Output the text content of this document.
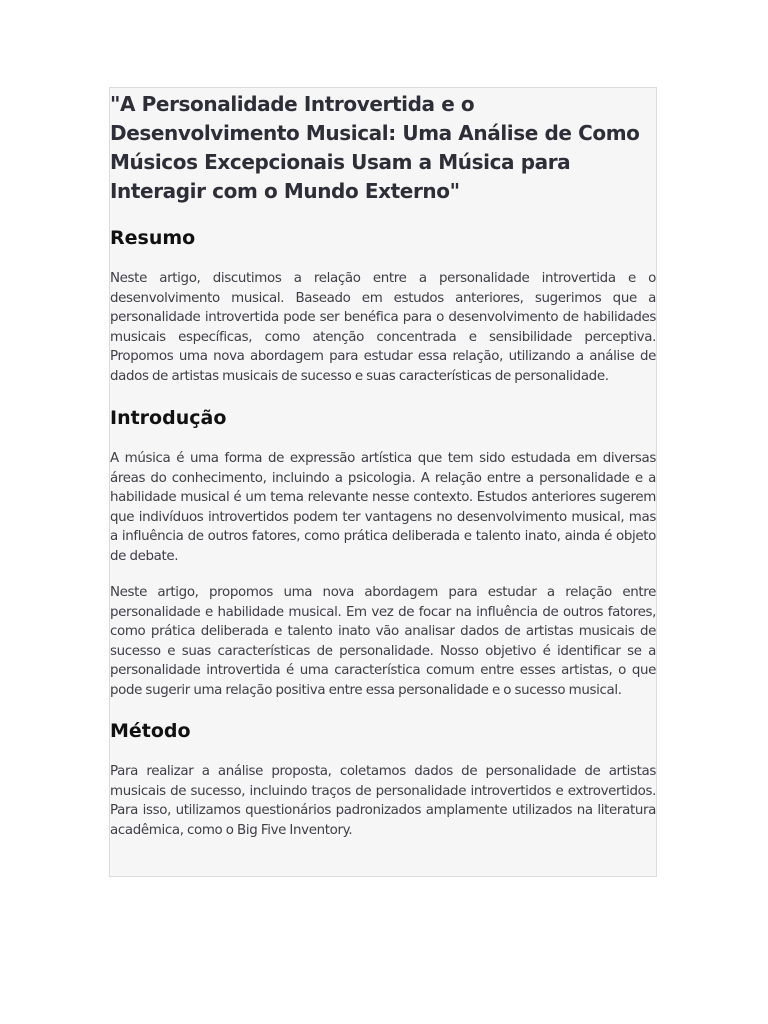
"A Personalidade Introvertida e o Desenvolvimento Musical: Uma Análise de Como Músicos Excepcionais Usam a Música para Interagir com o Mundo Externo"
Resumo

Neste artigo, discutimos a relação entre a personalidade introvertida e o desenvolvimento musical. Baseado em estudos anteriores, sugerimos que a personalidade introvertida pode ser benéfica para o desenvolvimento de habilidades musicais específicas, como atenção concentrada e sensibilidade perceptiva. Propomos uma nova abordagem para estudar essa relação, utilizando a análise de dados de artistas musicais de sucesso e suas características de personalidade.

Introdução

A música é uma forma de expressão artística que tem sido estudada em diversas áreas do conhecimento, incluindo a psicologia. A relação entre a personalidade e a habilidade musical é um tema relevante nesse contexto. Estudos anteriores sugerem que indivíduos introvertidos podem ter vantagens no desenvolvimento musical, mas a influência de outros fatores, como prática deliberada e talento inato, ainda é objeto de debate.

Neste artigo, propomos uma nova abordagem para estudar a relação entre personalidade e habilidade musical. Em vez de focar na influência de outros fatores, como prática deliberada e talento inato vão analisar dados de artistas musicais de sucesso e suas características de personalidade. Nosso objetivo é identificar se a personalidade introvertida é uma característica comum entre esses artistas, o que pode sugerir uma relação positiva entre essa personalidade e o sucesso musical.

Método

Para realizar a análise proposta, coletamos dados de personalidade de artistas musicais de sucesso, incluindo traços de personalidade introvertidos e extrovertidos. Para isso, utilizamos questionários padronizados amplamente utilizados na literatura acadêmica, como o Big Five Inventory.
